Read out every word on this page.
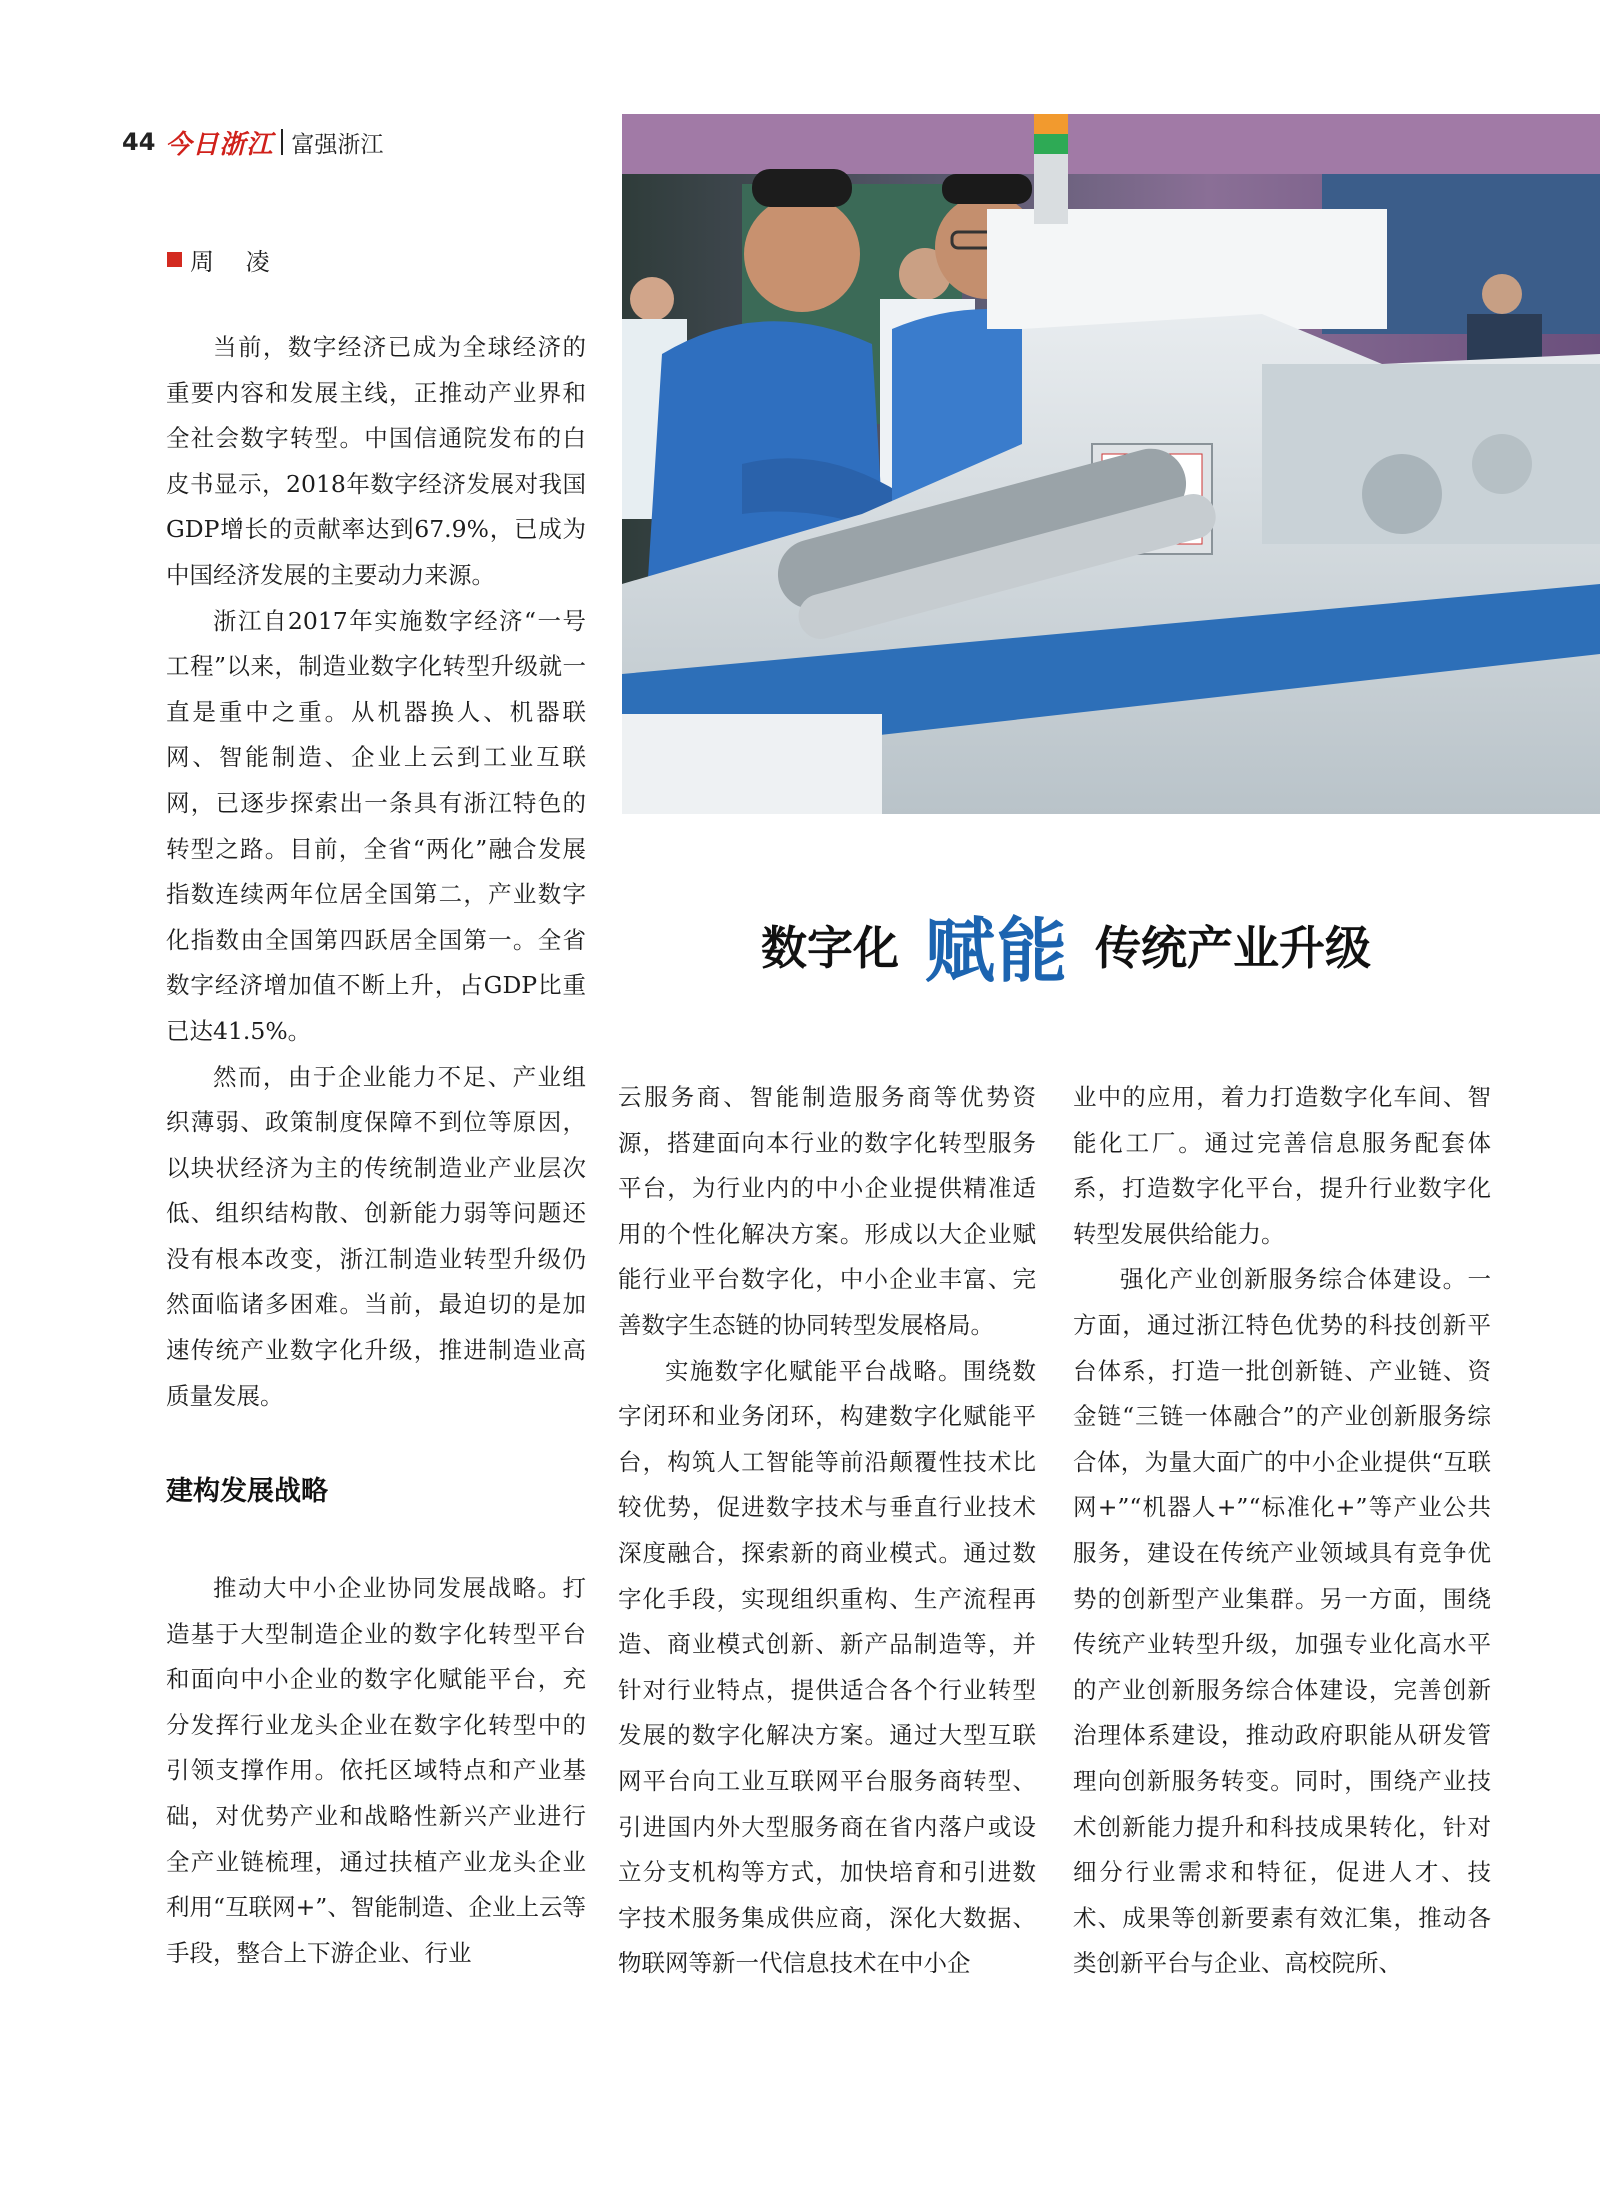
44 今日浙江 富强浙江
周 凌
数字化 赋能 传统产业升级

当前，数字经济已成为全球经济的重要内容和发展主线，正推动产业界和全社会数字转型。中国信通院发布的白皮书显示，2018年数字经济发展对我国GDP增长的贡献率达到67.9%，已成为中国经济发展的主要动力来源。

浙江自2017年实施数字经济“一号工程”以来，制造业数字化转型升级就一直是重中之重。从机器换人、机器联网、智能制造、企业上云到工业互联网，已逐步探索出一条具有浙江特色的转型之路。目前，全省“两化”融合发展指数连续两年位居全国第二，产业数字化指数由全国第四跃居全国第一。全省数字经济增加值不断上升，占GDP比重已达41.5%。

然而，由于企业能力不足、产业组织薄弱、政策制度保障不到位等原因，以块状经济为主的传统制造业产业层次低、组织结构散、创新能力弱等问题还没有根本改变，浙江制造业转型升级仍然面临诸多困难。当前，最迫切的是加速传统产业数字化升级，推进制造业高质量发展。

建构发展战略

推动大中小企业协同发展战略。打造基于大型制造企业的数字化转型平台和面向中小企业的数字化赋能平台，充分发挥行业龙头企业在数字化转型中的引领支撑作用。依托区域特点和产业基础，对优势产业和战略性新兴产业进行全产业链梳理，通过扶植产业龙头企业利用“互联网+”、智能制造、企业上云等手段，整合上下游企业、行业

云服务商、智能制造服务商等优势资源，搭建面向本行业的数字化转型服务平台，为行业内的中小企业提供精准适用的个性化解决方案。形成以大企业赋能行业平台数字化，中小企业丰富、完善数字生态链的协同转型发展格局。

实施数字化赋能平台战略。围绕数字闭环和业务闭环，构建数字化赋能平台，构筑人工智能等前沿颠覆性技术比较优势，促进数字技术与垂直行业技术深度融合，探索新的商业模式。通过数字化手段，实现组织重构、生产流程再造、商业模式创新、新产品制造等，并针对行业特点，提供适合各个行业转型发展的数字化解决方案。通过大型互联网平台向工业互联网平台服务商转型、引进国内外大型服务商在省内落户或设立分支机构等方式，加快培育和引进数字技术服务集成供应商，深化大数据、物联网等新一代信息技术在中小企

业中的应用，着力打造数字化车间、智能化工厂。通过完善信息服务配套体系，打造数字化平台，提升行业数字化转型发展供给能力。

强化产业创新服务综合体建设。一方面，通过浙江特色优势的科技创新平台体系，打造一批创新链、产业链、资金链“三链一体融合”的产业创新服务综合体，为量大面广的中小企业提供“互联网+”“机器人+”“标准化+”等产业公共服务，建设在传统产业领域具有竞争优势的创新型产业集群。另一方面，围绕传统产业转型升级，加强专业化高水平的产业创新服务综合体建设，完善创新治理体系建设，推动政府职能从研发管理向创新服务转变。同时，围绕产业技术创新能力提升和科技成果转化，针对细分行业需求和特征，促进人才、技术、成果等创新要素有效汇集，推动各类创新平台与企业、高校院所、
